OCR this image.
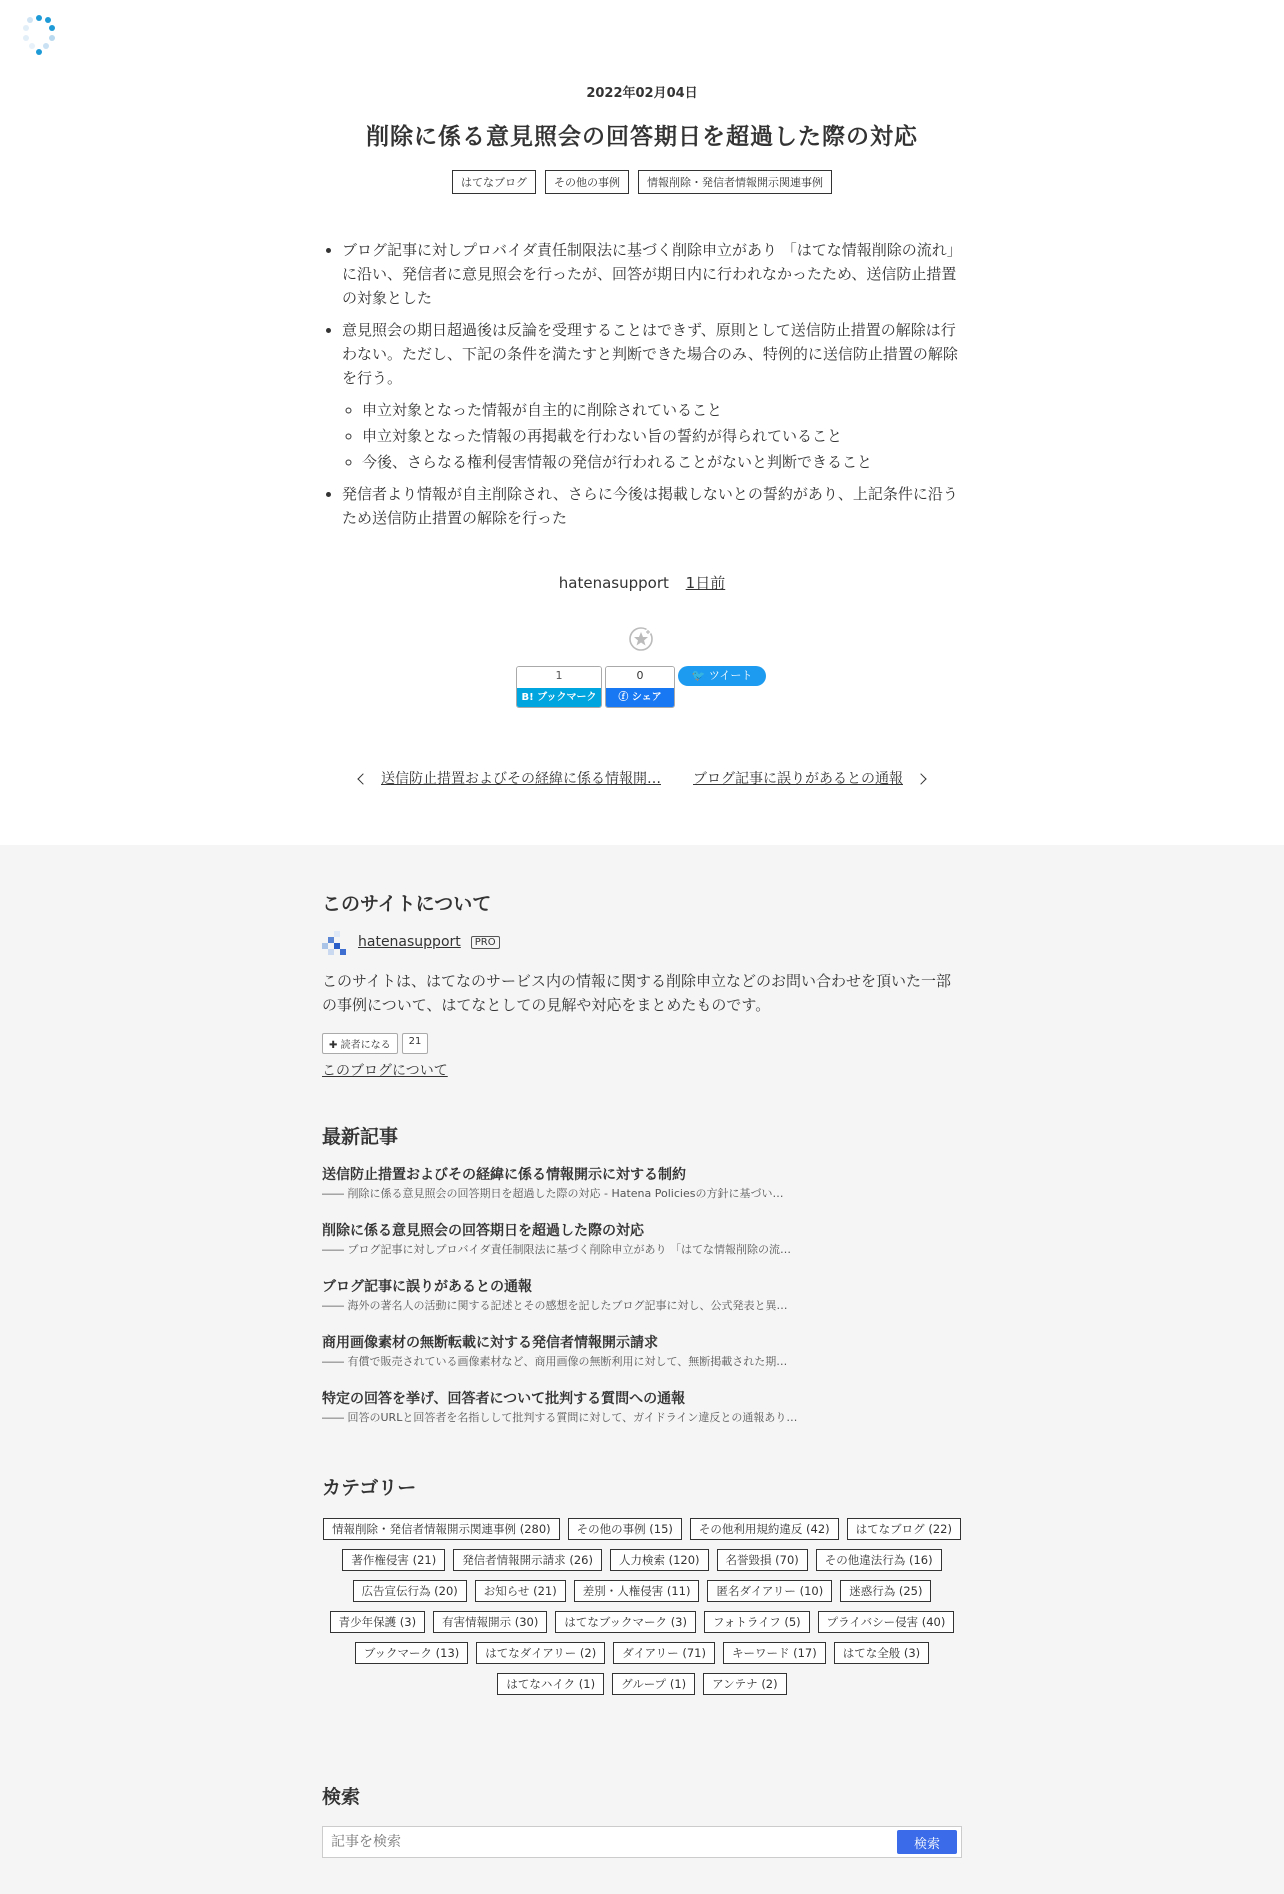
2022年02月04日
削除に係る意見照会の回答期日を超過した際の対応
はてなブログ	その他の事例	情報削除・発信者情報開示関連事例
• ブログ記事に対しプロバイダ責任制限法に基づく削除申立があり 「はてな情報削除の流れ」に沿い、発信者に意見照会を行ったが、回答が期日内に行われなかったため、送信防止措置の対象とした
• 意見照会の期日超過後は反論を受理することはできず、原則として送信防止措置の解除は行わない。ただし、下記の条件を満たすと判断できた場合のみ、特例的に送信防止措置の解除を行う。
◦ 申立対象となった情報が自主的に削除されていること
◦ 申立対象となった情報の再掲載を行わない旨の誓約が得られていること
◦ 今後、さらなる権利侵害情報の発信が行われることがないと判断できること
• 発信者より情報が自主削除され、さらに今後は掲載しないとの誓約があり、上記条件に沿うため送信防止措置の解除を行った
hatenasupport 1日前
1
B! ブックマーク
0
ⓕ シェア
🐦 ツイート
送信防止措置およびその経緯に係る情報開… ブログ記事に誤りがあるとの通報
このサイトについて
hatenasupport	PRO
このサイトは、はてなのサービス内の情報に関する削除申立などのお問い合わせを頂いた一部の事例について、はてなとしての見解や対応をまとめたものです。
✚ 読者になる	21
このブログについて
最新記事
送信防止措置およびその経緯に係る情報開示に対する制約
―― 削除に係る意見照会の回答期日を超過した際の対応 - Hatena Policiesの方針に基づい…
削除に係る意見照会の回答期日を超過した際の対応
―― ブログ記事に対しプロバイダ責任制限法に基づく削除申立があり 「はてな情報削除の流…
ブログ記事に誤りがあるとの通報
―― 海外の著名人の活動に関する記述とその感想を記したブログ記事に対し、公式発表と異…
商用画像素材の無断転載に対する発信者情報開示請求
―― 有償で販売されている画像素材など、商用画像の無断利用に対して、無断掲載された期…
特定の回答を挙げ、回答者について批判する質問への通報
―― 回答のURLと回答者を名指しして批判する質問に対して、ガイドライン違反との通報あり…
カテゴリー
情報削除・発信者情報開示関連事例 (280)	その他の事例 (15)	その他利用規約違反 (42)	はてなブログ (22)
著作権侵害 (21)	発信者情報開示請求 (26)	人力検索 (120)	名誉毀損 (70)	その他違法行為 (16)
広告宣伝行為 (20)	お知らせ (21)	差別・人権侵害 (11)	匿名ダイアリー (10)	迷惑行為 (25)
青少年保護 (3)	有害情報開示 (30)	はてなブックマーク (3)	フォトライフ (5)	プライバシー侵害 (40)
ブックマーク (13)	はてなダイアリー (2)	ダイアリー (71)	キーワード (17)	はてな全般 (3)
はてなハイク (1)	グループ (1)	アンテナ (2)
検索
記事を検索
検索
